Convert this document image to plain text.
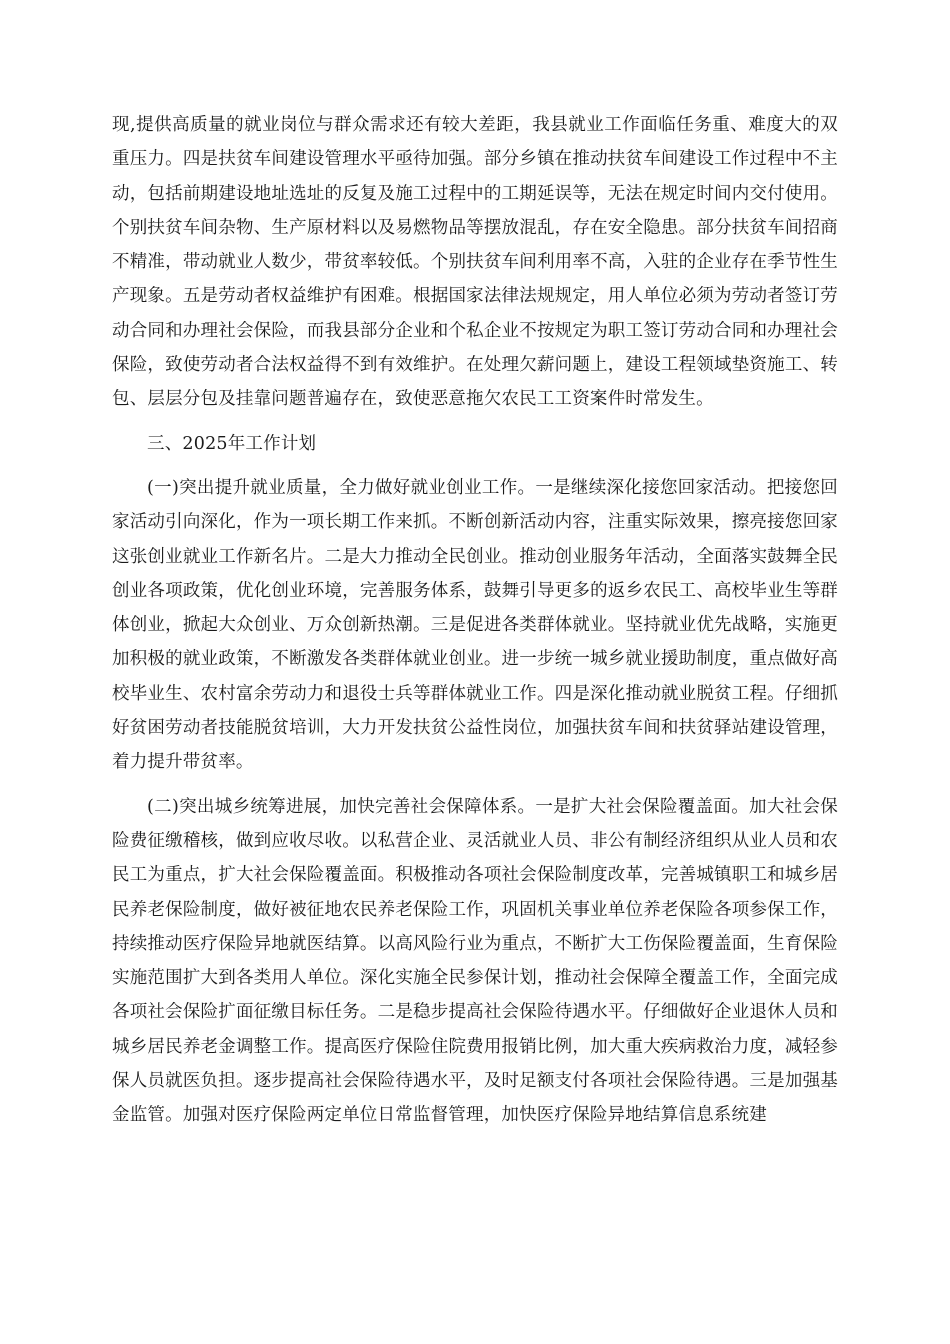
现,提供高质量的就业岗位与群众需求还有较大差距，我县就业工作面临任务重、难度大的双重压力。四是扶贫车间建设管理水平亟待加强。部分乡镇在推动扶贫车间建设工作过程中不主动，包括前期建设地址选址的反复及施工过程中的工期延误等，无法在规定时间内交付使用。个别扶贫车间杂物、生产原材料以及易燃物品等摆放混乱，存在安全隐患。部分扶贫车间招商不精准，带动就业人数少，带贫率较低。个别扶贫车间利用率不高，入驻的企业存在季节性生产现象。五是劳动者权益维护有困难。根据国家法律法规规定，用人单位必须为劳动者签订劳动合同和办理社会保险，而我县部分企业和个私企业不按规定为职工签订劳动合同和办理社会保险，致使劳动者合法权益得不到有效维护。在处理欠薪问题上，建设工程领域垫资施工、转包、层层分包及挂靠问题普遍存在，致使恶意拖欠农民工工资案件时常发生。

三、2025年工作计划

(一)突出提升就业质量，全力做好就业创业工作。一是继续深化接您回家活动。把接您回家活动引向深化，作为一项长期工作来抓。不断创新活动内容，注重实际效果，擦亮接您回家这张创业就业工作新名片。二是大力推动全民创业。推动创业服务年活动，全面落实鼓舞全民创业各项政策，优化创业环境，完善服务体系，鼓舞引导更多的返乡农民工、高校毕业生等群体创业，掀起大众创业、万众创新热潮。三是促进各类群体就业。坚持就业优先战略，实施更加积极的就业政策，不断激发各类群体就业创业。进一步统一城乡就业援助制度，重点做好高校毕业生、农村富余劳动力和退役士兵等群体就业工作。四是深化推动就业脱贫工程。仔细抓好贫困劳动者技能脱贫培训，大力开发扶贫公益性岗位，加强扶贫车间和扶贫驿站建设管理，着力提升带贫率。

(二)突出城乡统筹进展，加快完善社会保障体系。一是扩大社会保险覆盖面。加大社会保险费征缴稽核，做到应收尽收。以私营企业、灵活就业人员、非公有制经济组织从业人员和农民工为重点，扩大社会保险覆盖面。积极推动各项社会保险制度改革，完善城镇职工和城乡居民养老保险制度，做好被征地农民养老保险工作，巩固机关事业单位养老保险各项参保工作，持续推动医疗保险异地就医结算。以高风险行业为重点，不断扩大工伤保险覆盖面，生育保险实施范围扩大到各类用人单位。深化实施全民参保计划，推动社会保障全覆盖工作，全面完成各项社会保险扩面征缴目标任务。二是稳步提高社会保险待遇水平。仔细做好企业退休人员和城乡居民养老金调整工作。提高医疗保险住院费用报销比例，加大重大疾病救治力度，减轻参保人员就医负担。逐步提高社会保险待遇水平，及时足额支付各项社会保险待遇。三是加强基金监管。加强对医疗保险两定单位日常监督管理，加快医疗保险异地结算信息系统建
